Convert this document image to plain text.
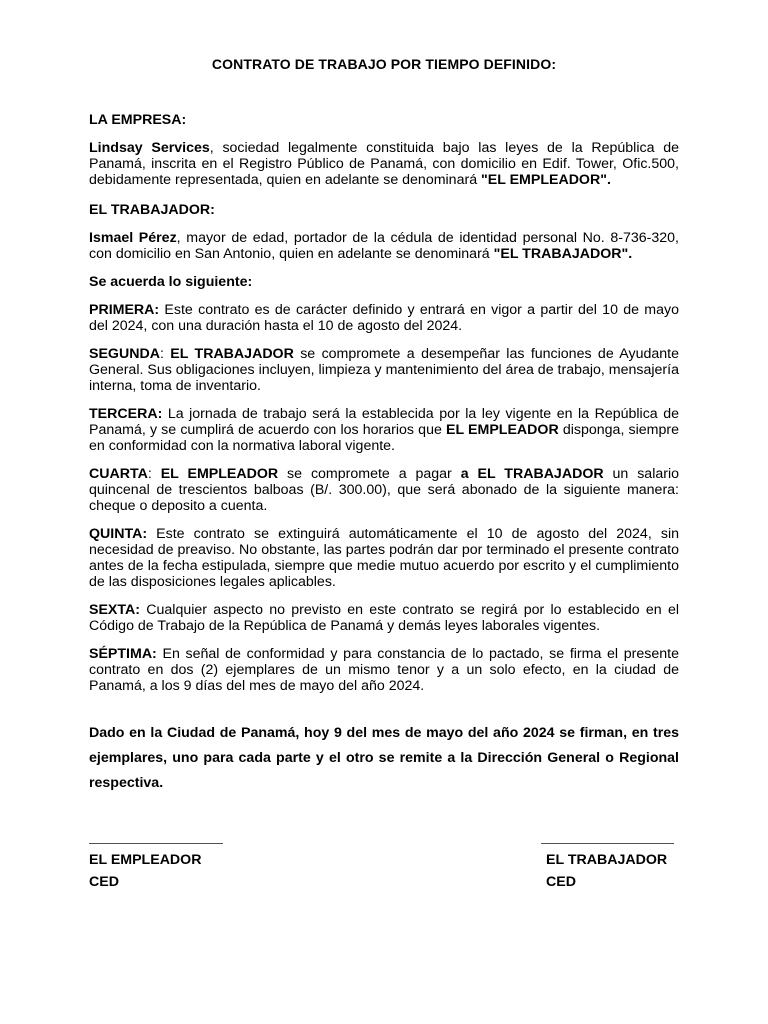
CONTRATO DE TRABAJO POR TIEMPO DEFINIDO:
LA EMPRESA:

Lindsay Services, sociedad legalmente constituida bajo las leyes de la República de Panamá, inscrita en el Registro Público de Panamá, con domicilio en Edif. Tower, Ofic.500, debidamente representada, quien en adelante se denominará "EL EMPLEADOR".

EL TRABAJADOR:

Ismael Pérez, mayor de edad, portador de la cédula de identidad personal No. 8-736-320, con domicilio en San Antonio, quien en adelante se denominará "EL TRABAJADOR".

Se acuerda lo siguiente:

PRIMERA: Este contrato es de carácter definido y entrará en vigor a partir del 10 de mayo del 2024, con una duración hasta el 10 de agosto del 2024.

SEGUNDA: EL TRABAJADOR se compromete a desempeñar las funciones de Ayudante General. Sus obligaciones incluyen, limpieza y mantenimiento del área de trabajo, mensajería interna, toma de inventario.

TERCERA: La jornada de trabajo será la establecida por la ley vigente en la República de Panamá, y se cumplirá de acuerdo con los horarios que EL EMPLEADOR disponga, siempre en conformidad con la normativa laboral vigente.

CUARTA: EL EMPLEADOR se compromete a pagar a EL TRABAJADOR un salario quincenal de trescientos balboas (B/. 300.00), que será abonado de la siguiente manera: cheque o deposito a cuenta.

QUINTA: Este contrato se extinguirá automáticamente el 10 de agosto del 2024, sin necesidad de preaviso. No obstante, las partes podrán dar por terminado el presente contrato antes de la fecha estipulada, siempre que medie mutuo acuerdo por escrito y el cumplimiento de las disposiciones legales aplicables.

SEXTA: Cualquier aspecto no previsto en este contrato se regirá por lo establecido en el Código de Trabajo de la República de Panamá y demás leyes laborales vigentes.

SÉPTIMA: En señal de conformidad y para constancia de lo pactado, se firma el presente contrato en dos (2) ejemplares de un mismo tenor y a un solo efecto, en la ciudad de Panamá, a los 9 días del mes de mayo del año 2024.

Dado en la Ciudad de Panamá, hoy 9 del mes de mayo del año 2024 se firman, en tres ejemplares, uno para cada parte y el otro se remite a la Dirección General o Regional respectiva.

EL EMPLEADOR
CED
EL TRABAJADOR
CED
